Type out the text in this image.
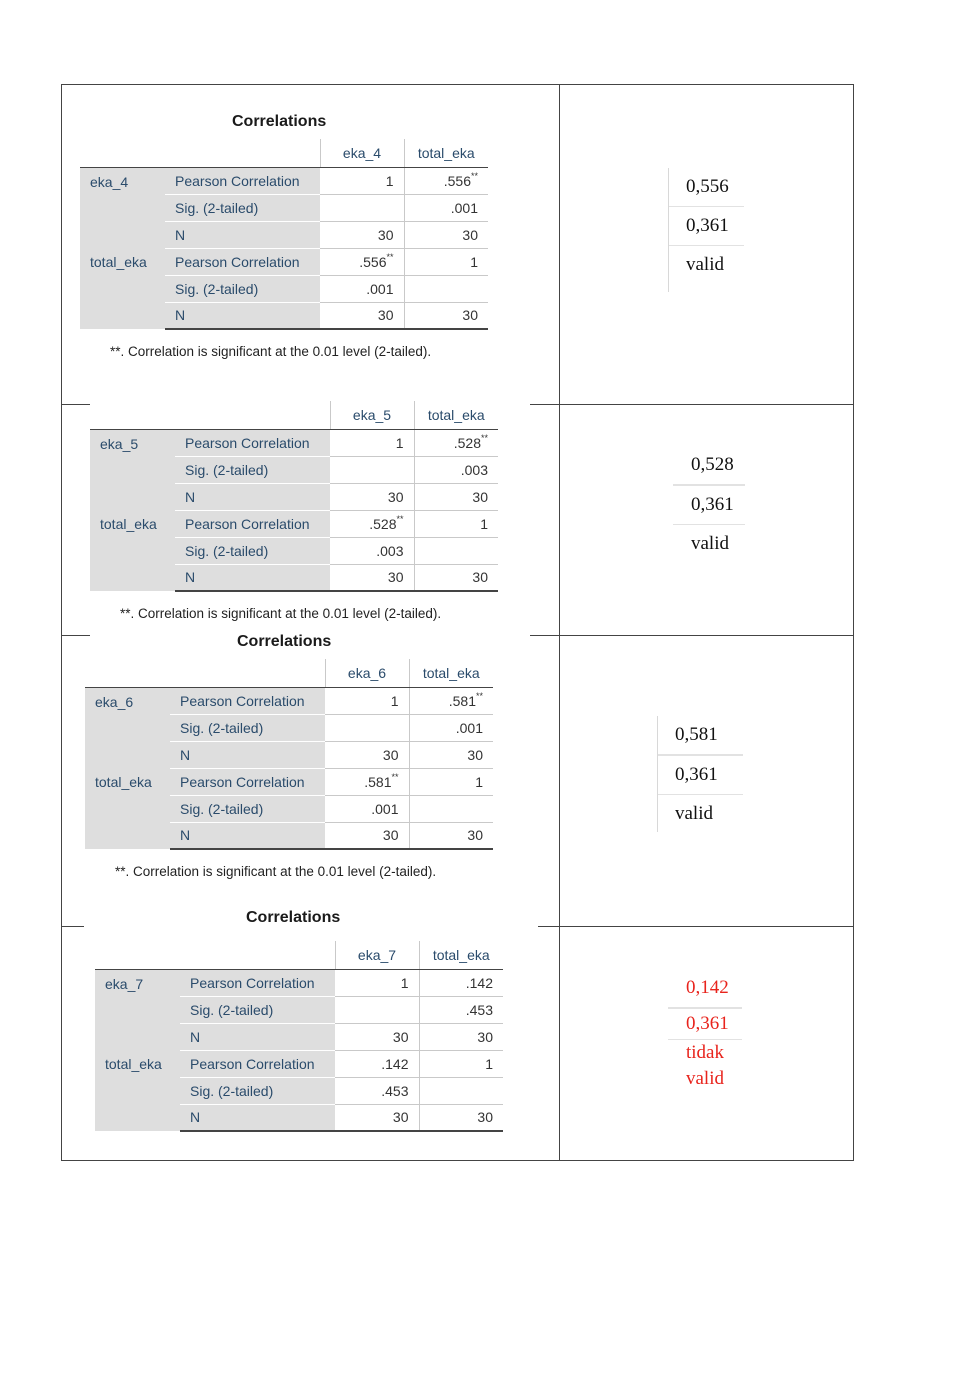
Correlations
		eka_4	total_eka
eka_4	Pearson Correlation	1	.556**
	Sig. (2-tailed)		.001
	N	30	30
total_eka	Pearson Correlation	.556**	1
	Sig. (2-tailed)	.001	
	N	30	30
**. Correlation is significant at the 0.01 level (2-tailed).
0,556
0,361
valid
		eka_5	total_eka
eka_5	Pearson Correlation	1	.528**
	Sig. (2-tailed)		.003
	N	30	30
total_eka	Pearson Correlation	.528**	1
	Sig. (2-tailed)	.003	
	N	30	30
**. Correlation is significant at the 0.01 level (2-tailed).
0,528
0,361
valid
Correlations
		eka_6	total_eka
eka_6	Pearson Correlation	1	.581**
	Sig. (2-tailed)		.001
	N	30	30
total_eka	Pearson Correlation	.581**	1
	Sig. (2-tailed)	.001	
	N	30	30
**. Correlation is significant at the 0.01 level (2-tailed).
0,581
0,361
valid
Correlations
		eka_7	total_eka
eka_7	Pearson Correlation	1	.142
	Sig. (2-tailed)		.453
	N	30	30
total_eka	Pearson Correlation	.142	1
	Sig. (2-tailed)	.453	
	N	30	30
0,142
0,361
tidak
valid
